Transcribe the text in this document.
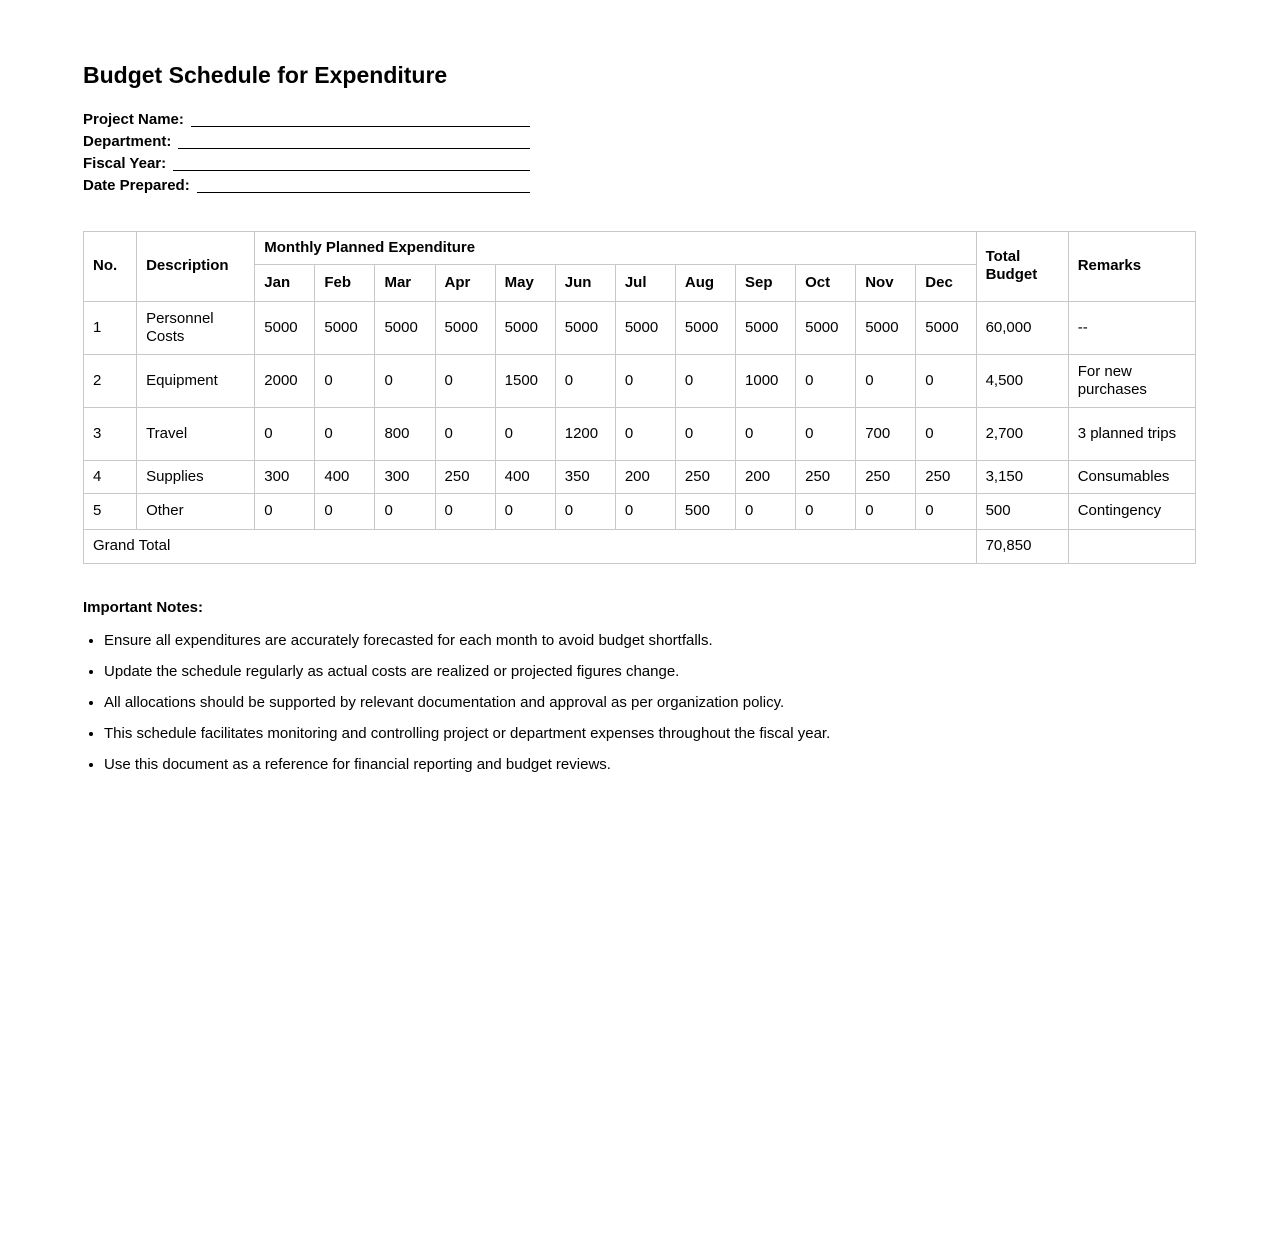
Budget Schedule for Expenditure
Project Name:
Department:
Fiscal Year:
Date Prepared:
No.	Description	Monthly Planned Expenditure												Total Budget	Remarks
		Jan	Feb	Mar	Apr	May	Jun	Jul	Aug	Sep	Oct	Nov	Dec		
1	Personnel Costs	5000	5000	5000	5000	5000	5000	5000	5000	5000	5000	5000	5000	60,000	--
2	Equipment	2000	0	0	0	1500	0	0	0	1000	0	0	0	4,500	For new purchases
3	Travel	0	0	800	0	0	1200	0	0	0	0	700	0	2,700	3 planned trips
4	Supplies	300	400	300	250	400	350	200	250	200	250	250	250	3,150	Consumables
5	Other	0	0	0	0	0	0	0	500	0	0	0	0	500	Contingency
Grand Total														70,850	
Important Notes:
• Ensure all expenditures are accurately forecasted for each month to avoid budget shortfalls.
• Update the schedule regularly as actual costs are realized or projected figures change.
• All allocations should be supported by relevant documentation and approval as per organization policy.
• This schedule facilitates monitoring and controlling project or department expenses throughout the fiscal year.
• Use this document as a reference for financial reporting and budget reviews.
